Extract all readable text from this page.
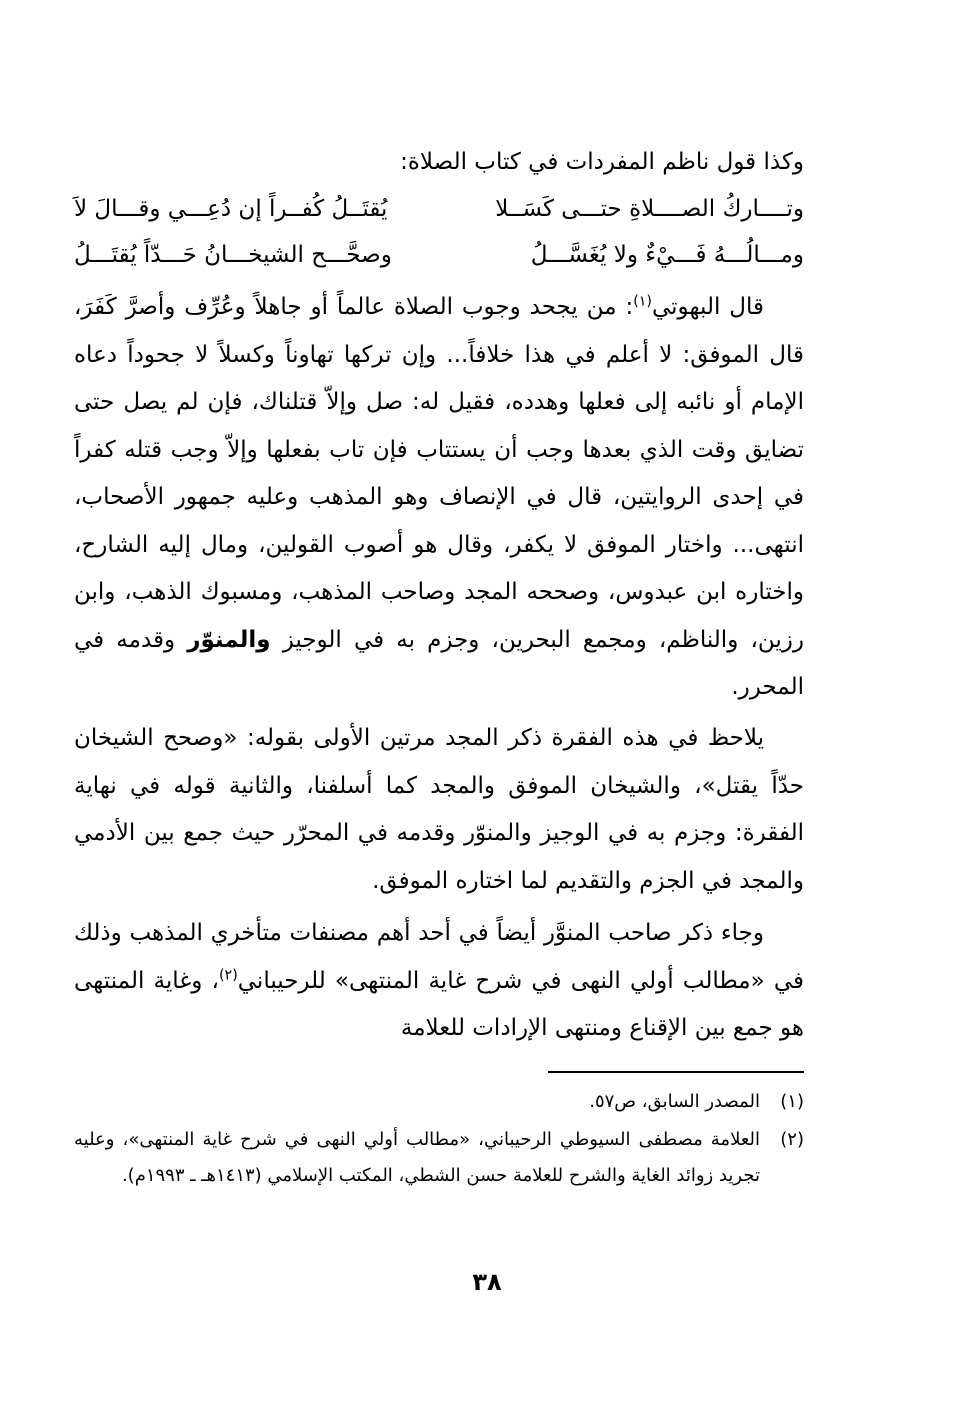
وكذا قول ناظم المفردات في كتاب الصلاة:
وتــــاركُ الصــــلاةِ حتـــى كَسَــلا
يُقتَــلُ كُفــراً إن دُعِـــي وقـــالَ لاَ
ومـــالُـــهُ فَـــيْءٌ ولا يُغَسَّـــلُ
وصحَّـــح الشيخـــانُ حَـــدّاً يُقتَـــلُ
قال البهوتي$^{(١)}$: من يجحد وجوب الصلاة عالماً أو جاهلاً وعُرِّف وأصرَّ كَفَرَ، قال الموفق: لا أعلم في هذا خلافاً... وإن تركها تهاوناً وكسلاً لا جحوداً دعاه الإمام أو نائبه إلى فعلها وهدده، فقيل له: صل وإلاّ قتلناك، فإن لم يصل حتى تضايق وقت الذي بعدها وجب أن يستتاب فإن تاب بفعلها وإلاّ وجب قتله كفراً في إحدى الروايتين، قال في الإنصاف وهو المذهب وعليه جمهور الأصحاب، انتهى... واختار الموفق لا يكفر، وقال هو أصوب القولين، ومال إليه الشارح، واختاره ابن عبدوس، وصححه المجد وصاحب المذهب، ومسبوك الذهب، وابن رزين، والناظم، ومجمع البحرين، وجزم به في الوجيز والمنوّر وقدمه في المحرر.
يلاحظ في هذه الفقرة ذكر المجد مرتين الأولى بقوله: «وصحح الشيخان حدّاً يقتل»، والشيخان الموفق والمجد كما أسلفنا، والثانية قوله في نهاية الفقرة: وجزم به في الوجيز والمنوّر وقدمه في المحرّر حيث جمع بين الأدمي والمجد في الجزم والتقديم لما اختاره الموفق.
وجاء ذكر صاحب المنوَّر أيضاً في أحد أهم مصنفات متأخري المذهب وذلك في «مطالب أولي النهى في شرح غاية المنتهى» للرحيباني$^{(٢)}$، وغاية المنتهى هو جمع بين الإقناع ومنتهى الإرادات للعلامة
(١)
المصدر السابق، ص٥٧.
(٢)
العلامة مصطفى السيوطي الرحيباني، «مطالب أولي النهى في شرح غاية المنتهى»، وعليه تجريد زوائد الغاية والشرح للعلامة حسن الشطي، المكتب الإسلامي (١٤١٣هـ ـ ١٩٩٣م).
٣٨
